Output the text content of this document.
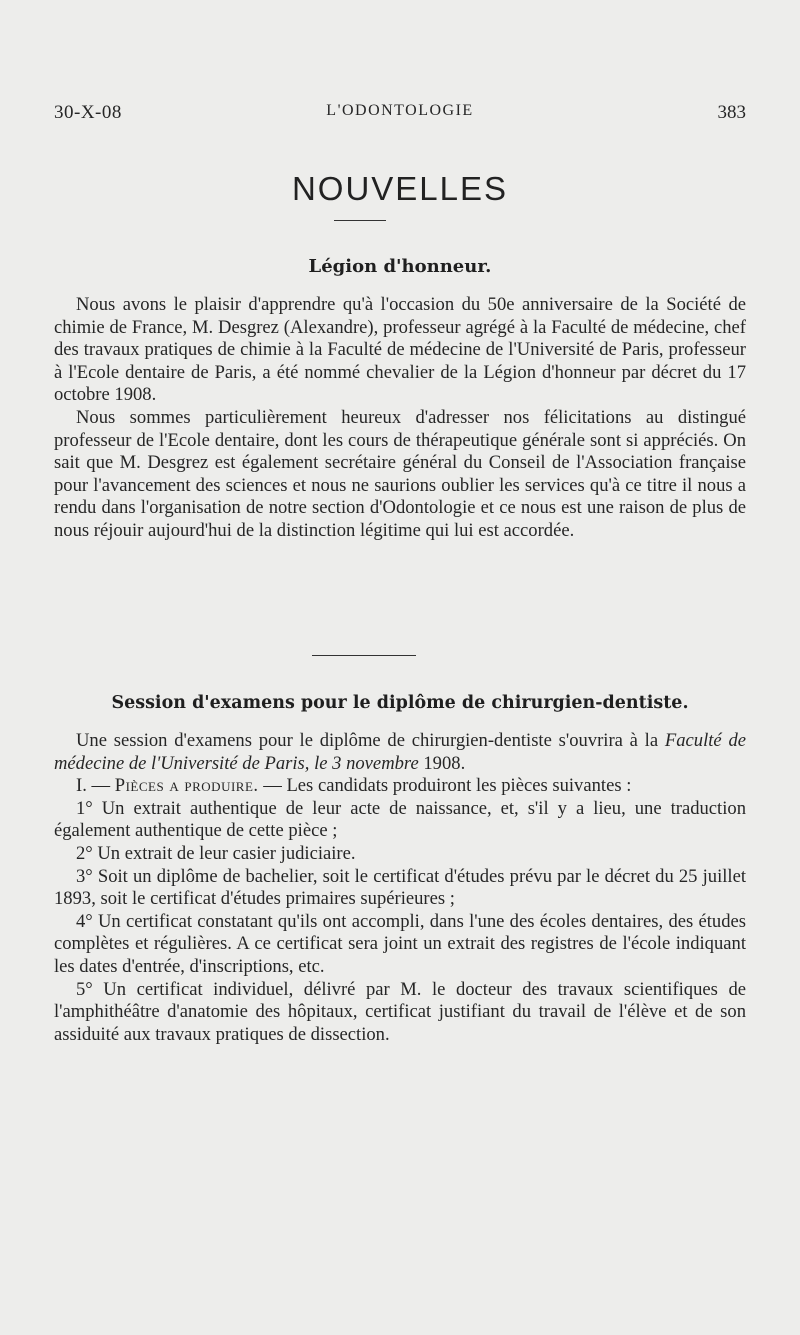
30-X-08	L'ODONTOLOGIE	383
NOUVELLES
Légion d'honneur.

Nous avons le plaisir d'apprendre qu'à l'occasion du 50e anniversaire de la Société de chimie de France, M. Desgrez (Alexandre), professeur agrégé à la Faculté de médecine, chef des travaux pratiques de chimie à la Faculté de médecine de l'Université de Paris, professeur à l'Ecole dentaire de Paris, a été nommé chevalier de la Légion d'honneur par décret du 17 octobre 1908.

Nous sommes particulièrement heureux d'adresser nos félicitations au distingué professeur de l'Ecole dentaire, dont les cours de thérapeutique générale sont si appréciés. On sait que M. Desgrez est également secrétaire général du Conseil de l'Association française pour l'avancement des sciences et nous ne saurions oublier les services qu'à ce titre il nous a rendu dans l'organisation de notre section d'Odontologie et ce nous est une raison de plus de nous réjouir aujourd'hui de la distinction légitime qui lui est accordée.

Session d'examens pour le diplôme de chirurgien-dentiste.

Une session d'examens pour le diplôme de chirurgien-dentiste s'ouvrira à la Faculté de médecine de l'Université de Paris, le 3 novembre 1908.

I. — Pièces a produire. — Les candidats produiront les pièces suivantes :

1° Un extrait authentique de leur acte de naissance, et, s'il y a lieu, une traduction également authentique de cette pièce ;

2° Un extrait de leur casier judiciaire.

3° Soit un diplôme de bachelier, soit le certificat d'études prévu par le décret du 25 juillet 1893, soit le certificat d'études primaires supérieures ;

4° Un certificat constatant qu'ils ont accompli, dans l'une des écoles dentaires, des études complètes et régulières. A ce certificat sera joint un extrait des registres de l'école indiquant les dates d'entrée, d'inscriptions, etc.

5° Un certificat individuel, délivré par M. le docteur des travaux scientifiques de l'amphithéâtre d'anatomie des hôpitaux, certificat justifiant du travail de l'élève et de son assiduité aux travaux pratiques de dissection.
